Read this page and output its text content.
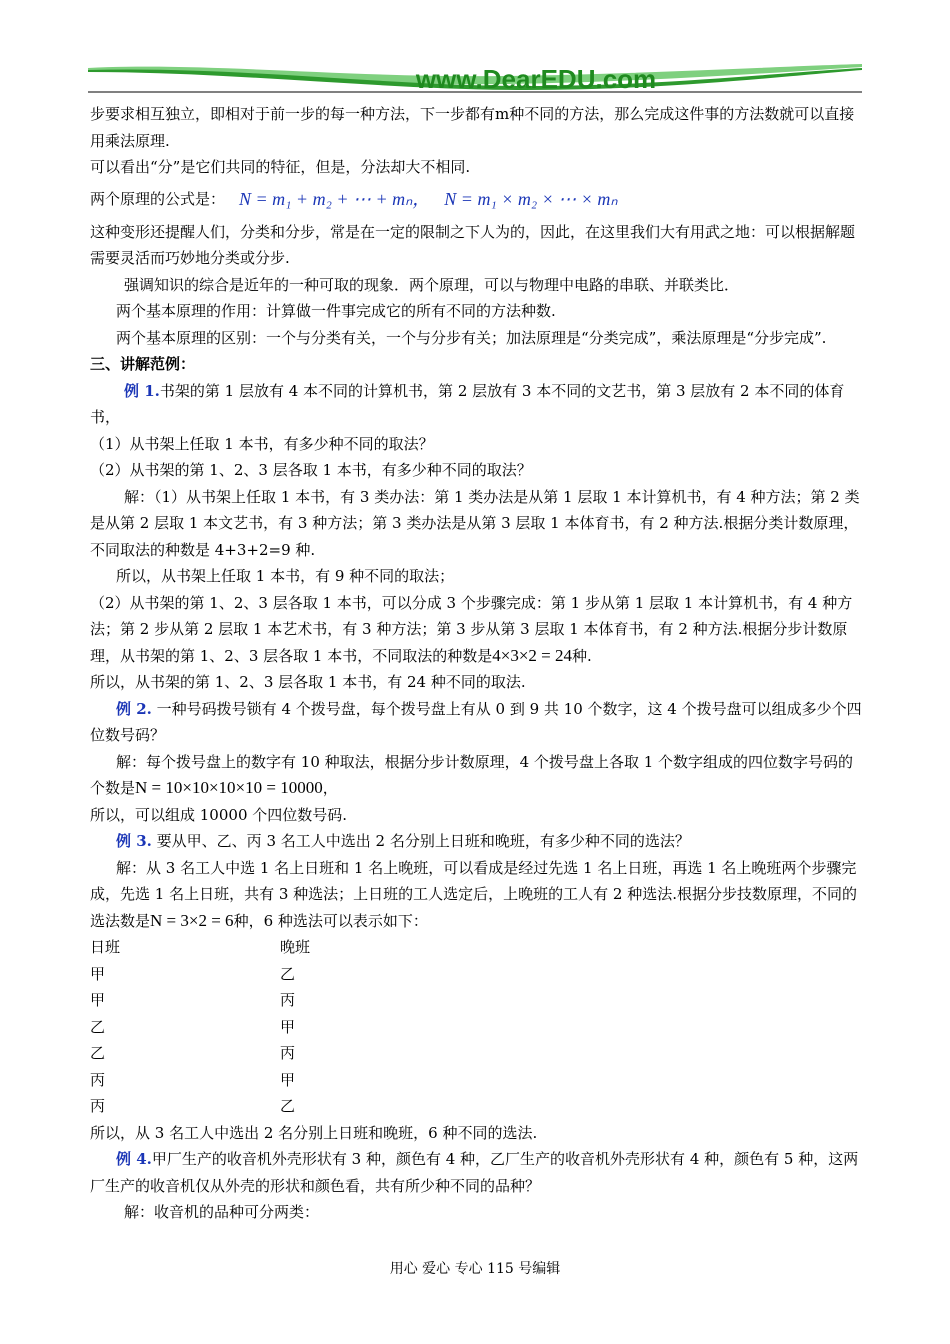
www.DearEDU.com

步要求相互独立，即相对于前一步的每一种方法，下一步都有m种不同的方法，那么完成这件事的方法数就可以直接用乘法原理.

可以看出“分”是它们共同的特征，但是，分法却大不相同.

两个原理的公式是： N = m₁ + m₂ + ⋯ + mₙ， N = m₁ × m₂ × ⋯ × mₙ

这种变形还提醒人们，分类和分步，常是在一定的限制之下人为的，因此，在这里我们大有用武之地：可以根据解题需要灵活而巧妙地分类或分步.

强调知识的综合是近年的一种可取的现象．两个原理，可以与物理中电路的串联、并联类比．

两个基本原理的作用：计算做一件事完成它的所有不同的方法种数.

两个基本原理的区别：一个与分类有关，一个与分步有关；加法原理是“分类完成”，乘法原理是“分步完成”.

三、讲解范例：

例 1.书架的第 1 层放有 4 本不同的计算机书，第 2 层放有 3 本不同的文艺书，第 3 层放有 2 本不同的体育书，

（1）从书架上任取 1 本书，有多少种不同的取法？

（2）从书架的第 1、2、3 层各取 1 本书，有多少种不同的取法？

解：（1）从书架上任取 1 本书，有 3 类办法：第 1 类办法是从第 1 层取 1 本计算机书，有 4 种方法；第 2 类是从第 2 层取 1 本文艺书，有 3 种方法；第 3 类办法是从第 3 层取 1 本体育书，有 2 种方法.根据分类计数原理，不同取法的种数是 4+3+2=9 种.

所以，从书架上任取 1 本书，有 9 种不同的取法；

（2）从书架的第 1、2、3 层各取 1 本书，可以分成 3 个步骤完成：第 1 步从第 1 层取 1 本计算机书，有 4 种方法；第 2 步从第 2 层取 1 本艺术书，有 3 种方法；第 3 步从第 3 层取 1 本体育书，有 2 种方法.根据分步计数原理，从书架的第 1、2、3 层各取 1 本书，不同取法的种数是4×3×2 = 24种.

所以，从书架的第 1、2、3 层各取 1 本书，有 24 种不同的取法.

例 2. 一种号码拨号锁有 4 个拨号盘，每个拨号盘上有从 0 到 9 共 10 个数字，这 4 个拨号盘可以组成多少个四位数号码？

解：每个拨号盘上的数字有 10 种取法，根据分步计数原理，4 个拨号盘上各取 1 个数字组成的四位数字号码的个数是N = 10×10×10×10 = 10000，

所以，可以组成 10000 个四位数号码.

例 3. 要从甲、乙、丙 3 名工人中选出 2 名分别上日班和晚班，有多少种不同的选法？

解：从 3 名工人中选 1 名上日班和 1 名上晚班，可以看成是经过先选 1 名上日班，再选 1 名上晚班两个步骤完成，先选 1 名上日班，共有 3 种选法；上日班的工人选定后，上晚班的工人有 2 种选法.根据分步技数原理，不同的选法数是N = 3×2 = 6种，6 种选法可以表示如下：

日班	晚班
甲	乙
甲	丙
乙	甲
乙	丙
丙	甲
丙	乙

所以，从 3 名工人中选出 2 名分别上日班和晚班，6 种不同的选法.

例 4.甲厂生产的收音机外壳形状有 3 种，颜色有 4 种，乙厂生产的收音机外壳形状有 4 种，颜色有 5 种，这两厂生产的收音机仅从外壳的形状和颜色看，共有所少种不同的品种？

解：收音机的品种可分两类：

用心 爱心 专心 115 号编辑
